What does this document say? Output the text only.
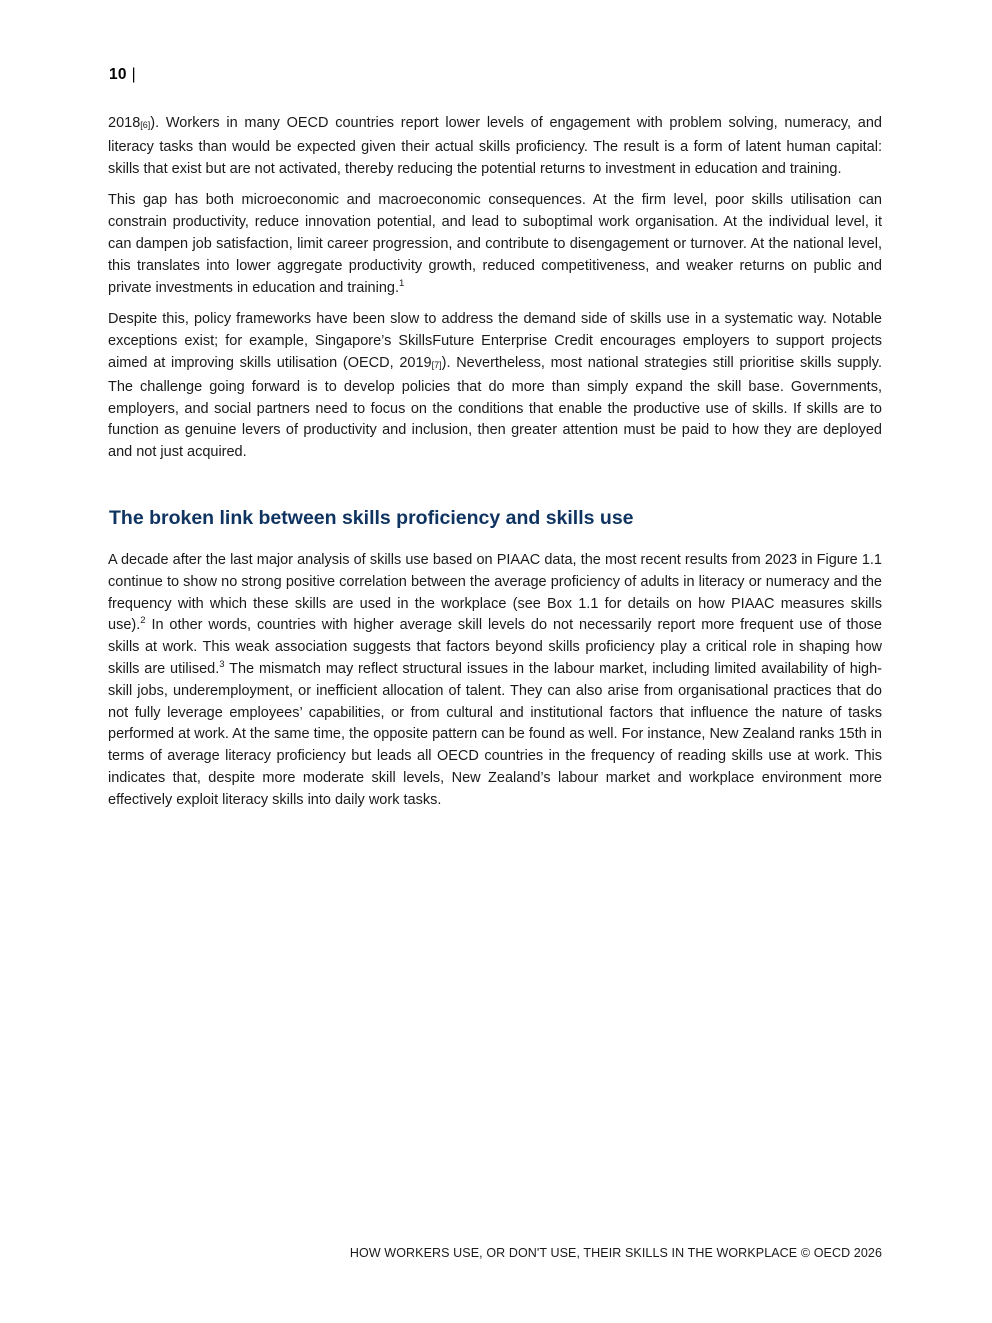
10 |

2018[6]). Workers in many OECD countries report lower levels of engagement with problem solving, numeracy, and literacy tasks than would be expected given their actual skills proficiency. The result is a form of latent human capital: skills that exist but are not activated, thereby reducing the potential returns to investment in education and training.

This gap has both microeconomic and macroeconomic consequences. At the firm level, poor skills utilisation can constrain productivity, reduce innovation potential, and lead to suboptimal work organisation. At the individual level, it can dampen job satisfaction, limit career progression, and contribute to disengagement or turnover. At the national level, this translates into lower aggregate productivity growth, reduced competitiveness, and weaker returns on public and private investments in education and training.$^1$

Despite this, policy frameworks have been slow to address the demand side of skills use in a systematic way. Notable exceptions exist; for example, Singapore’s SkillsFuture Enterprise Credit encourages employers to support projects aimed at improving skills utilisation (OECD, 2019[7]). Nevertheless, most national strategies still prioritise skills supply. The challenge going forward is to develop policies that do more than simply expand the skill base. Governments, employers, and social partners need to focus on the conditions that enable the productive use of skills. If skills are to function as genuine levers of productivity and inclusion, then greater attention must be paid to how they are deployed and not just acquired.

The broken link between skills proficiency and skills use

A decade after the last major analysis of skills use based on PIAAC data, the most recent results from 2023 in Figure 1.1 continue to show no strong positive correlation between the average proficiency of adults in literacy or numeracy and the frequency with which these skills are used in the workplace (see Box 1.1 for details on how PIAAC measures skills use).$^2$ In other words, countries with higher average skill levels do not necessarily report more frequent use of those skills at work. This weak association suggests that factors beyond skills proficiency play a critical role in shaping how skills are utilised.$^3$ The mismatch may reflect structural issues in the labour market, including limited availability of high-skill jobs, underemployment, or inefficient allocation of talent. They can also arise from organisational practices that do not fully leverage employees’ capabilities, or from cultural and institutional factors that influence the nature of tasks performed at work. At the same time, the opposite pattern can be found as well. For instance, New Zealand ranks 15th in terms of average literacy proficiency but leads all OECD countries in the frequency of reading skills use at work. This indicates that, despite more moderate skill levels, New Zealand’s labour market and workplace environment more effectively exploit literacy skills into daily work tasks.

HOW WORKERS USE, OR DON'T USE, THEIR SKILLS IN THE WORKPLACE © OECD 2026
